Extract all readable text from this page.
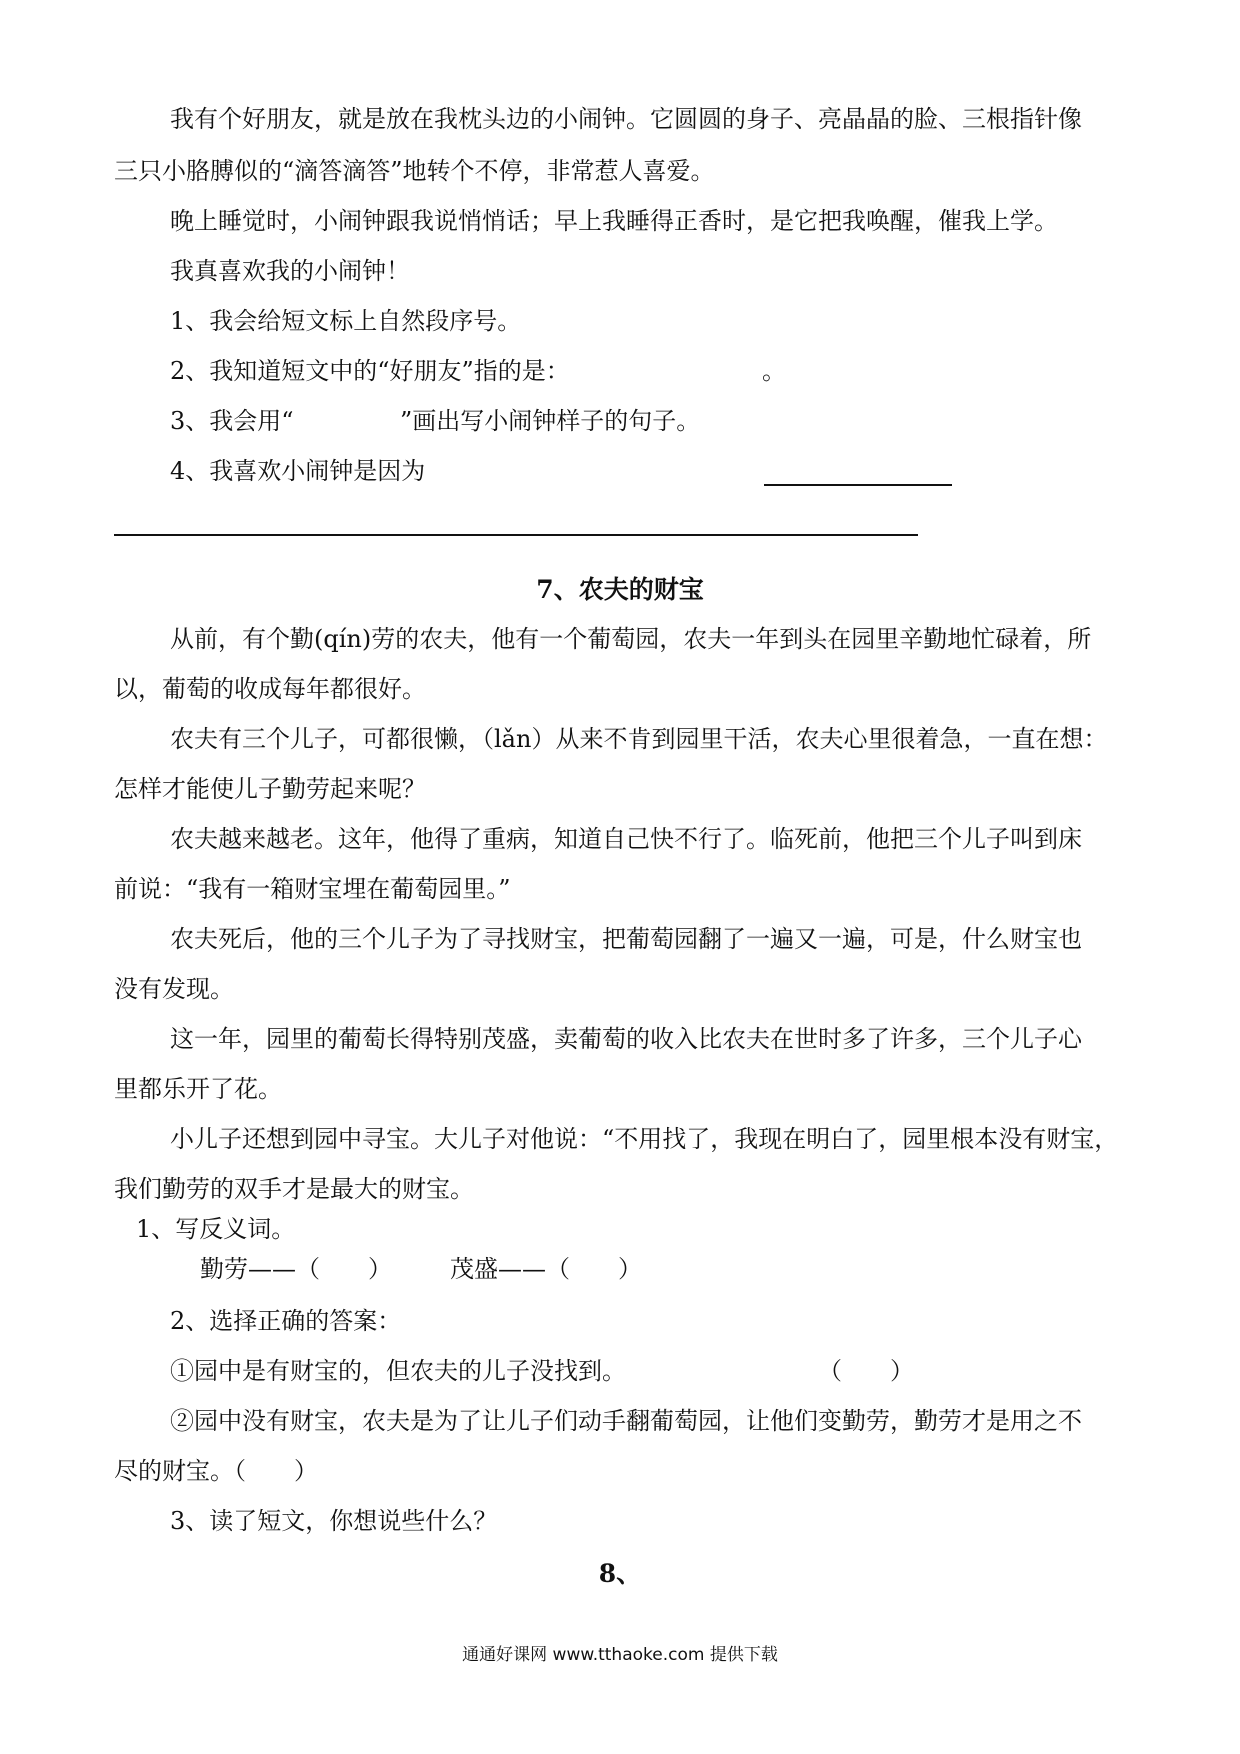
我有个好朋友，就是放在我枕头边的小闹钟。它圆圆的身子、亮晶晶的脸、三根指针像
三只小胳膊似的“滴答滴答”地转个不停，非常惹人喜爱。
晚上睡觉时，小闹钟跟我说悄悄话；早上我睡得正香时，是它把我唤醒，催我上学。
我真喜欢我的小闹钟！
1、我会给短文标上自然段序号。
2、我知道短文中的“好朋友”指的是：	。
3、我会用“	”画出写小闹钟样子的句子。
4、我喜欢小闹钟是因为
7、农夫的财宝
从前，有个勤(qín)劳的农夫，他有一个葡萄园，农夫一年到头在园里辛勤地忙碌着，所
以，葡萄的收成每年都很好。
农夫有三个儿子，可都很懒，（lǎn）从来不肯到园里干活，农夫心里很着急，一直在想：
怎样才能使儿子勤劳起来呢？
农夫越来越老。这年，他得了重病，知道自己快不行了。临死前，他把三个儿子叫到床
前说：“我有一箱财宝埋在葡萄园里。”
农夫死后，他的三个儿子为了寻找财宝，把葡萄园翻了一遍又一遍，可是，什么财宝也
没有发现。
这一年，园里的葡萄长得特别茂盛，卖葡萄的收入比农夫在世时多了许多，三个儿子心
里都乐开了花。
小儿子还想到园中寻宝。大儿子对他说：“不用找了，我现在明白了，园里根本没有财宝，
我们勤劳的双手才是最大的财宝。
1、写反义词。
勤劳——（　　） 茂盛——（　　）
2、选择正确的答案：
①园中是有财宝的，但农夫的儿子没找到。	（　　）
②园中没有财宝，农夫是为了让儿子们动手翻葡萄园，让他们变勤劳，勤劳才是用之不
尽的财宝。（　　）
3、读了短文，你想说些什么？
8、
通通好课网 www.tthaoke.com 提供下载
